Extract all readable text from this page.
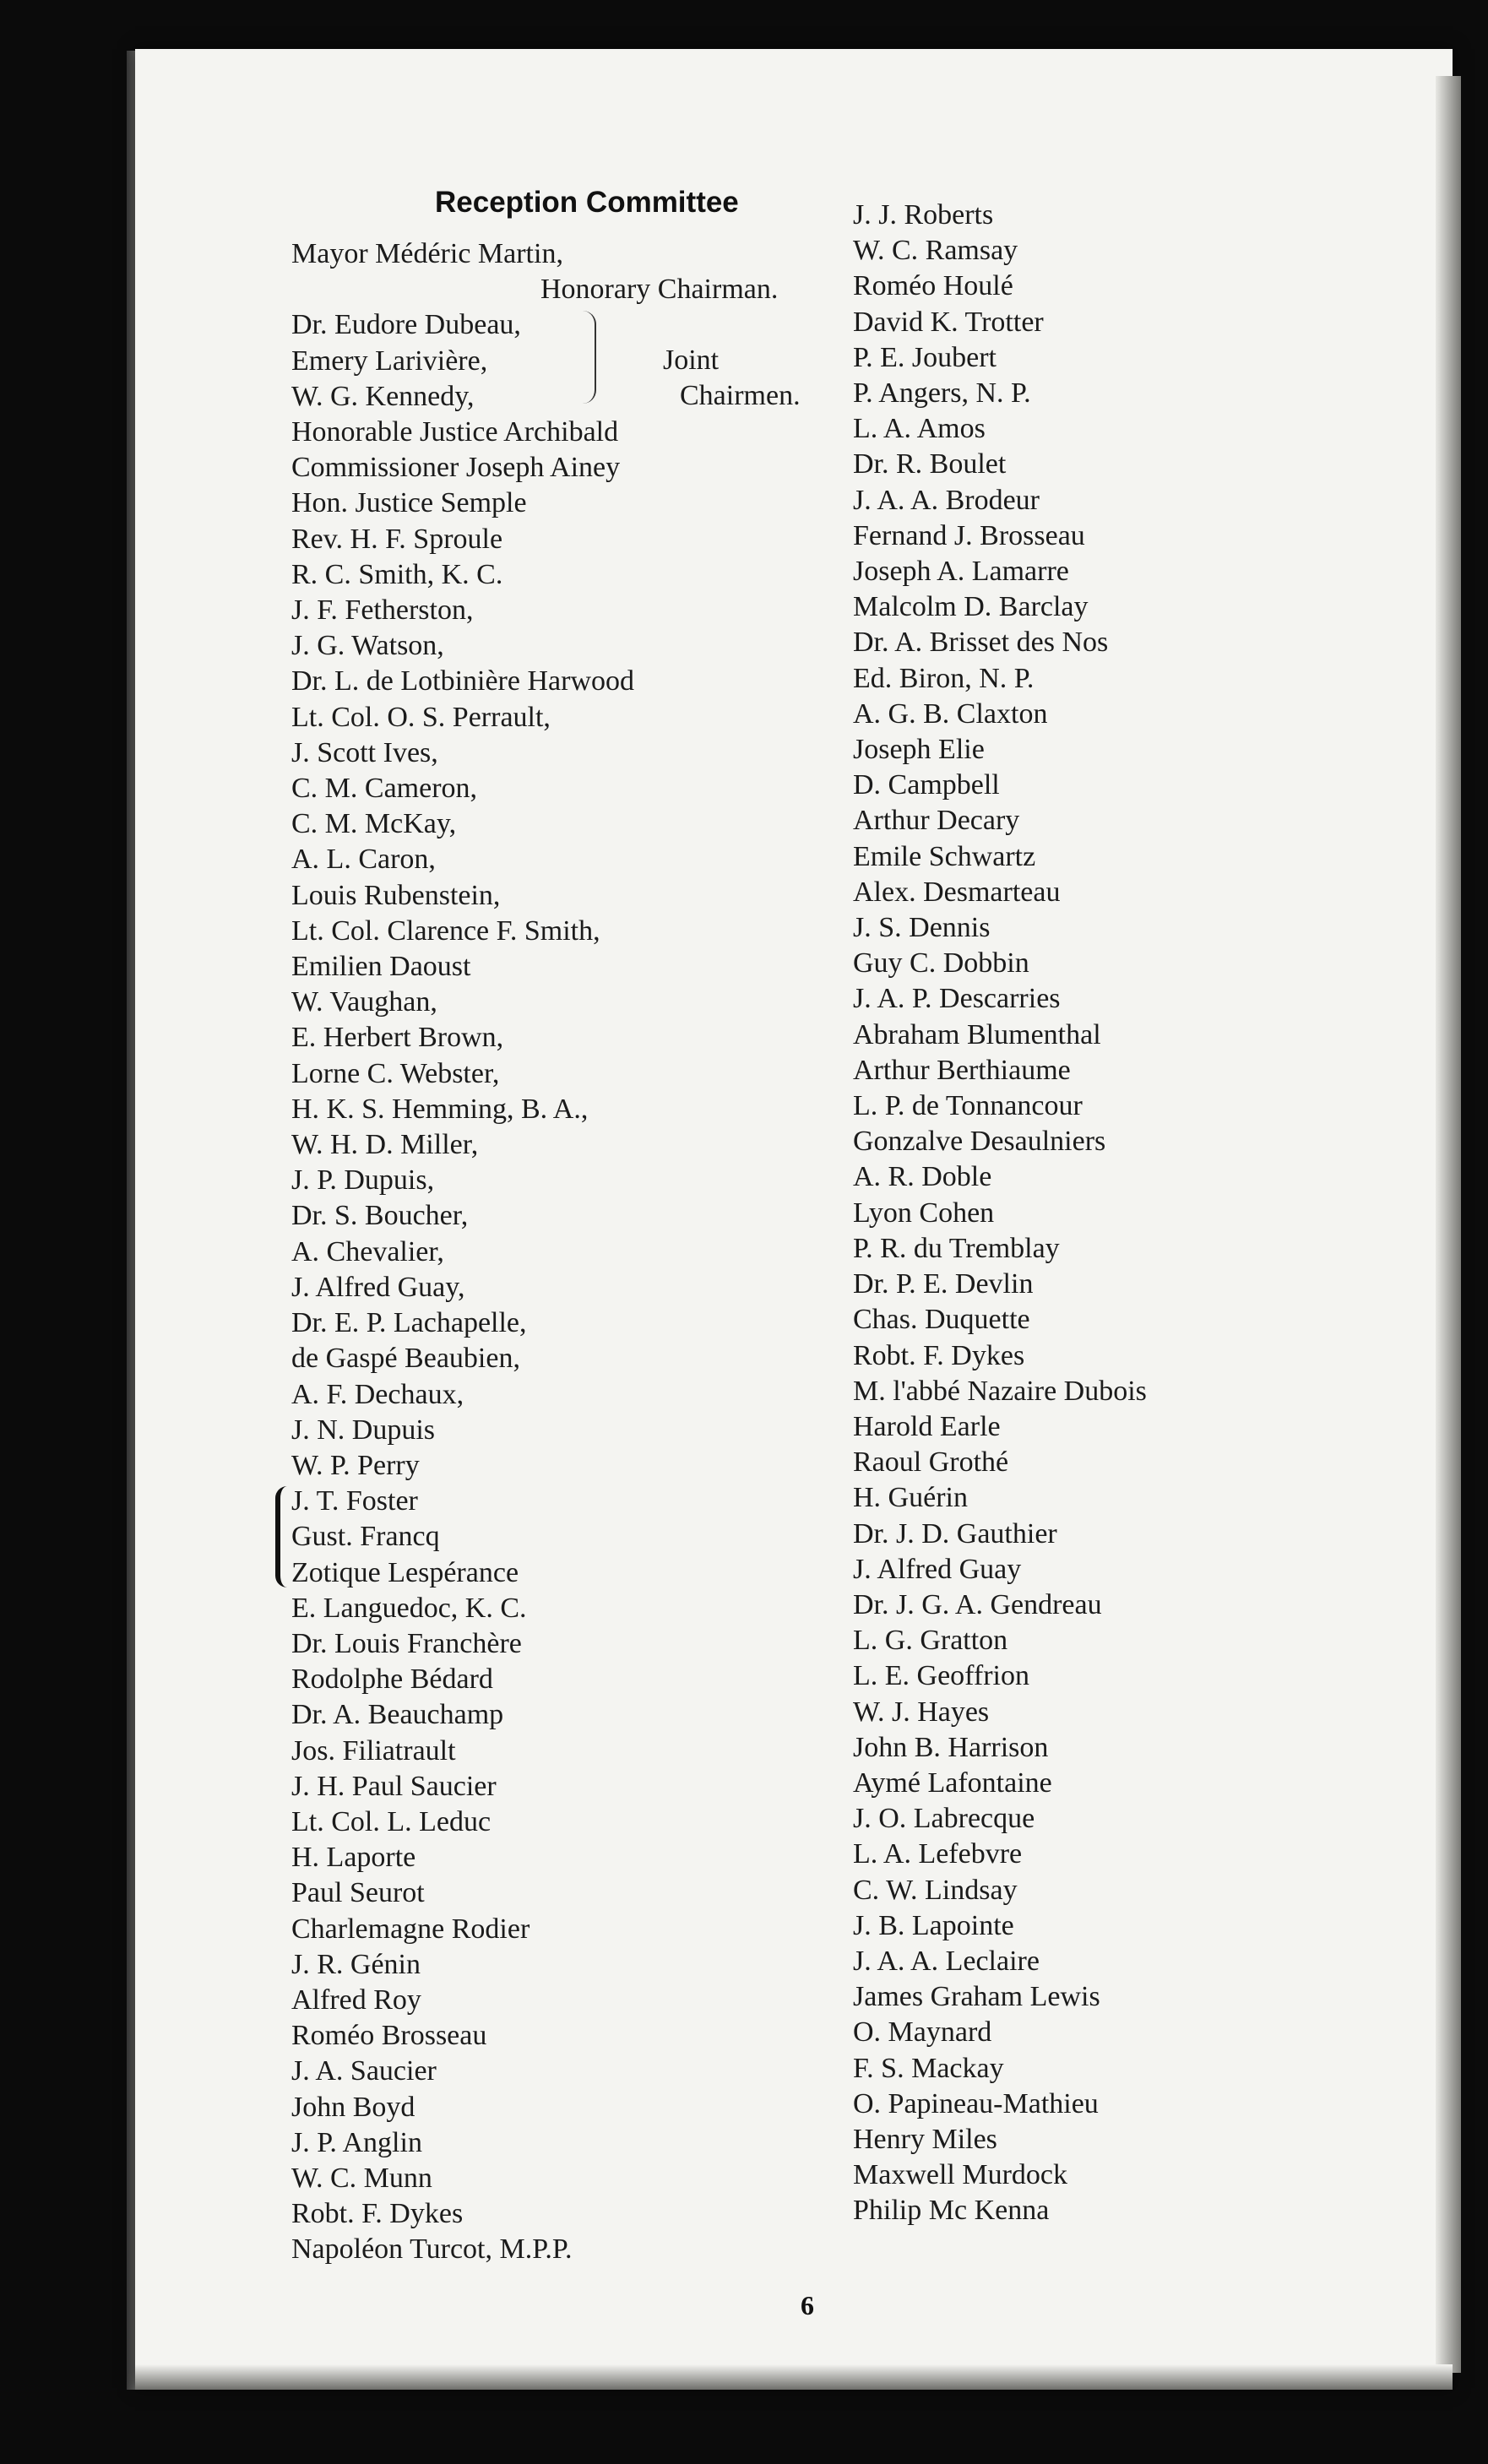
Reception Committee
Mayor Médéric Martin,
Honorary Chairman.
Dr. Eudore Dubeau,
Emery Larivière,
W. G. Kennedy,
Joint
Chairmen.
Honorable Justice Archibald
Commissioner Joseph Ainey
Hon. Justice Semple
Rev. H. F. Sproule
R. C. Smith, K. C.
J. F. Fetherston,
J. G. Watson,
Dr. L. de Lotbinière Harwood
Lt. Col. O. S. Perrault,
J. Scott Ives,
C. M. Cameron,
C. M. McKay,
A. L. Caron,
Louis Rubenstein,
Lt. Col. Clarence F. Smith,
Emilien Daoust
W. Vaughan,
E. Herbert Brown,
Lorne C. Webster,
H. K. S. Hemming, B. A.,
W. H. D. Miller,
J. P. Dupuis,
Dr. S. Boucher,
A. Chevalier,
J. Alfred Guay,
Dr. E. P. Lachapelle,
de Gaspé Beaubien,
A. F. Dechaux,
J. N. Dupuis
W. P. Perry
J. T. Foster
Gust. Francq
Zotique Lespérance
E. Languedoc, K. C.
Dr. Louis Franchère
Rodolphe Bédard
Dr. A. Beauchamp
Jos. Filiatrault
J. H. Paul Saucier
Lt. Col. L. Leduc
H. Laporte
Paul Seurot
Charlemagne Rodier
J. R. Génin
Alfred Roy
Roméo Brosseau
J. A. Saucier
John Boyd
J. P. Anglin
W. C. Munn
Robt. F. Dykes
Napoléon Turcot, M.P.P.
J. J. Roberts
W. C. Ramsay
Roméo Houlé
David K. Trotter
P. E. Joubert
P. Angers, N. P.
L. A. Amos
Dr. R. Boulet
J. A. A. Brodeur
Fernand J. Brosseau
Joseph A. Lamarre
Malcolm D. Barclay
Dr. A. Brisset des Nos
Ed. Biron, N. P.
A. G. B. Claxton
Joseph Elie
D. Campbell
Arthur Decary
Emile Schwartz
Alex. Desmarteau
J. S. Dennis
Guy C. Dobbin
J. A. P. Descarries
Abraham Blumenthal
Arthur Berthiaume
L. P. de Tonnancour
Gonzalve Desaulniers
A. R. Doble
Lyon Cohen
P. R. du Tremblay
Dr. P. E. Devlin
Chas. Duquette
Robt. F. Dykes
M. l'abbé Nazaire Dubois
Harold Earle
Raoul Grothé
H. Guérin
Dr. J. D. Gauthier
J. Alfred Guay
Dr. J. G. A. Gendreau
L. G. Gratton
L. E. Geoffrion
W. J. Hayes
John B. Harrison
Aymé Lafontaine
J. O. Labrecque
L. A. Lefebvre
C. W. Lindsay
J. B. Lapointe
J. A. A. Leclaire
James Graham Lewis
O. Maynard
F. S. Mackay
O. Papineau-Mathieu
Henry Miles
Maxwell Murdock
Philip Mc Kenna
6
